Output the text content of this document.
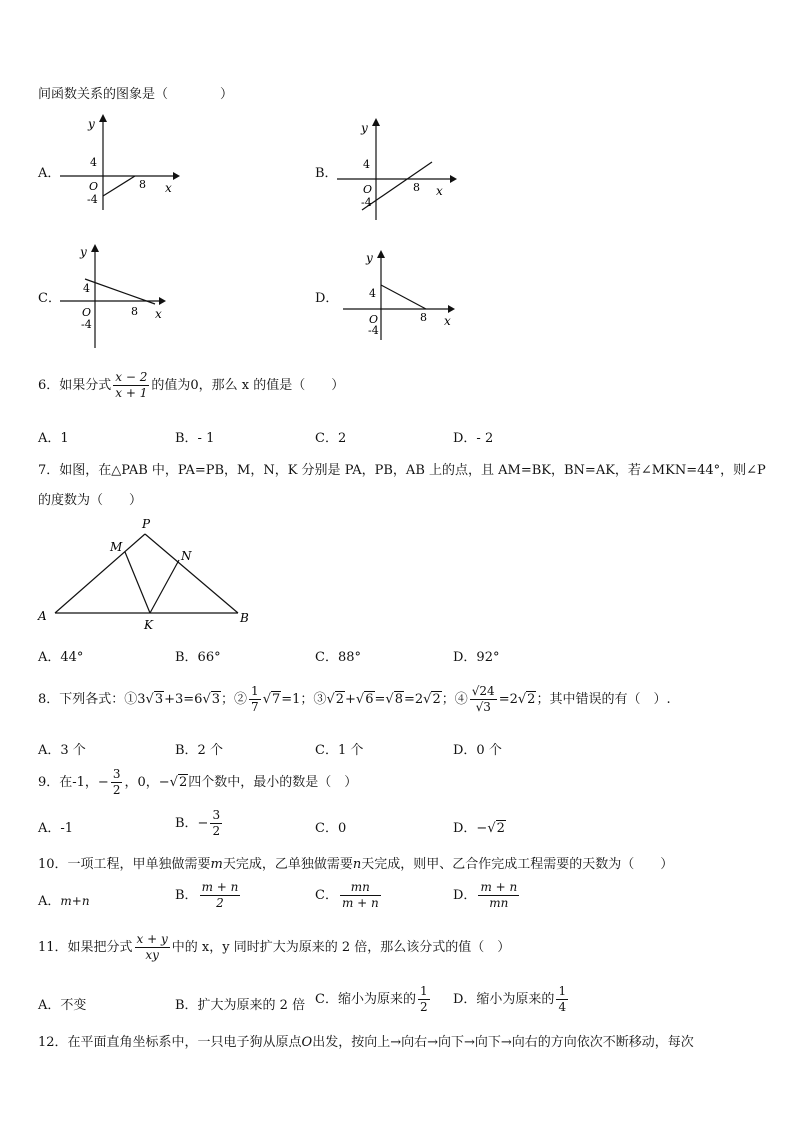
间函数关系的图象是（　　　　）
A．
y
x
4
O
-4
8
B．
y
x
4
O
-4
8
C．
y
x
4
O
-4
8
D．
y
x
4
O
-4
8
6．如果分式 $\frac{x - 2}{x + 1}$ 的值为0，那么 x 的值是（　　）
A．1	B．- 1	C．2	D．- 2
7．如图，在△PAB 中，PA=PB，M，N，K 分别是 PA，PB，AB 上的点，且 AM=BK，BN=AK，若∠MKN=44°，则∠P
的度数为（　　）
P
M
N
A
K	B
A．44°	B．66°	C．88°	D．92°
8．下列各式：①3√3+3=6√3；② $\frac{1}{7} √7=1$；③√2+√6=√8=2√2；④ $\frac{√24}{√3} =2√2$；其中错误的有（　）.
A．3 个	B．2 个	C．1 个	D．0 个
9．在-1，− $\frac{3}{2}$ ，0，−√2四个数中，最小的数是（　）
A．-1	B．− $\frac{3}{2}$	C．0	D．−√2
10．一项工程，甲单独做需要m天完成，乙单独做需要n天完成，则甲、乙合作完成工程需要的天数为（　　）
A．m+n	B． $\frac{m + n}{2}$	C． $\frac{mn}{m + n}$	D． $\frac{m + n}{mn}$
11．如果把分式 $\frac{x + y}{xy}$ 中的 x，y 同时扩大为原来的 2 倍，那么该分式的值（　）
A．不变	B．扩大为原来的 2 倍 C．缩小为原来的 $\frac{1}{2}$ D．缩小为原来的 $\frac{1}{4}$
12．在平面直角坐标系中，一只电子狗从原点O出发，按向上→向右→向下→向下→向右的方向依次不断移动，每次
